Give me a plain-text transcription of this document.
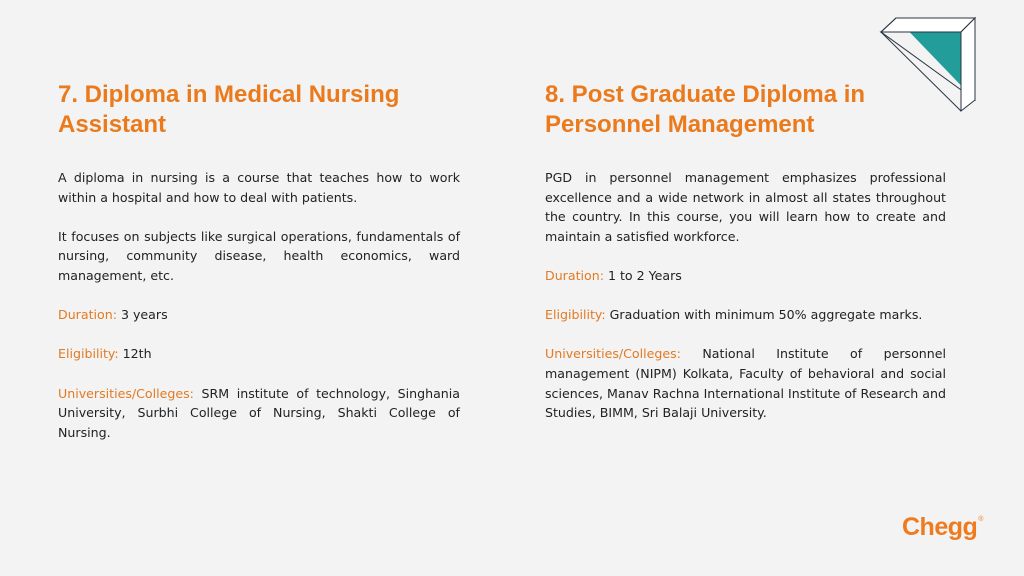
7. Diploma in Medical Nursing
Assistant

A diploma in nursing is a course that teaches how to work within a hospital and how to deal with patients.

It focuses on subjects like surgical operations, fundamentals of nursing, community disease, health economics, ward management, etc.

Duration: 3 years

Eligibility: 12th

Universities/Colleges: SRM institute of technology, Singhania University, Surbhi College of Nursing, Shakti College of Nursing.

8. Post Graduate Diploma in
Personnel Management

PGD in personnel management emphasizes professional excellence and a wide network in almost all states throughout the country. In this course, you will learn how to create and maintain a satisfied workforce.

Duration: 1 to 2 Years

Eligibility: Graduation with minimum 50% aggregate marks.

Universities/Colleges: National Institute of personnel management (NIPM) Kolkata, Faculty of behavioral and social sciences, Manav Rachna International Institute of Research and Studies, BIMM, Sri Balaji University.

Chegg®
